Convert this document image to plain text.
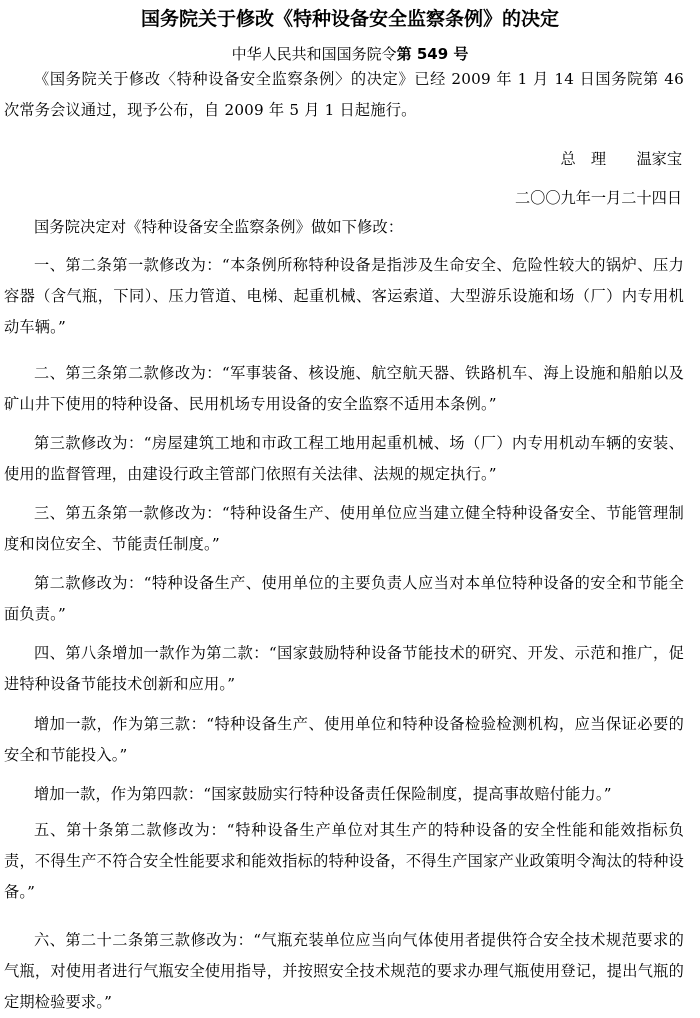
国务院关于修改《特种设备安全监察条例》的决定
中华人民共和国国务院令第 549 号

《国务院关于修改〈特种设备安全监察条例〉的决定》已经 2009 年 1 月 14 日国务院第 46 次常务会议通过，现予公布，自 2009 年 5 月 1 日起施行。

总　理　　温家宝
二〇〇九年一月二十四日

国务院决定对《特种设备安全监察条例》做如下修改：

一、第二条第一款修改为：“本条例所称特种设备是指涉及生命安全、危险性较大的锅炉、压力容器（含气瓶，下同）、压力管道、电梯、起重机械、客运索道、大型游乐设施和场（厂）内专用机动车辆。”

二、第三条第二款修改为：“军事装备、核设施、航空航天器、铁路机车、海上设施和船舶以及矿山井下使用的特种设备、民用机场专用设备的安全监察不适用本条例。”

第三款修改为：“房屋建筑工地和市政工程工地用起重机械、场（厂）内专用机动车辆的安装、使用的监督管理，由建设行政主管部门依照有关法律、法规的规定执行。”

三、第五条第一款修改为：“特种设备生产、使用单位应当建立健全特种设备安全、节能管理制度和岗位安全、节能责任制度。”

第二款修改为：“特种设备生产、使用单位的主要负责人应当对本单位特种设备的安全和节能全面负责。”

四、第八条增加一款作为第二款：“国家鼓励特种设备节能技术的研究、开发、示范和推广，促进特种设备节能技术创新和应用。”

增加一款，作为第三款：“特种设备生产、使用单位和特种设备检验检测机构，应当保证必要的安全和节能投入。”

增加一款，作为第四款：“国家鼓励实行特种设备责任保险制度，提高事故赔付能力。”

五、第十条第二款修改为：“特种设备生产单位对其生产的特种设备的安全性能和能效指标负责，不得生产不符合安全性能要求和能效指标的特种设备，不得生产国家产业政策明令淘汰的特种设备。”

六、第二十二条第三款修改为：“气瓶充装单位应当向气体使用者提供符合安全技术规范要求的气瓶，对使用者进行气瓶安全使用指导，并按照安全技术规范的要求办理气瓶使用登记，提出气瓶的定期检验要求。”
